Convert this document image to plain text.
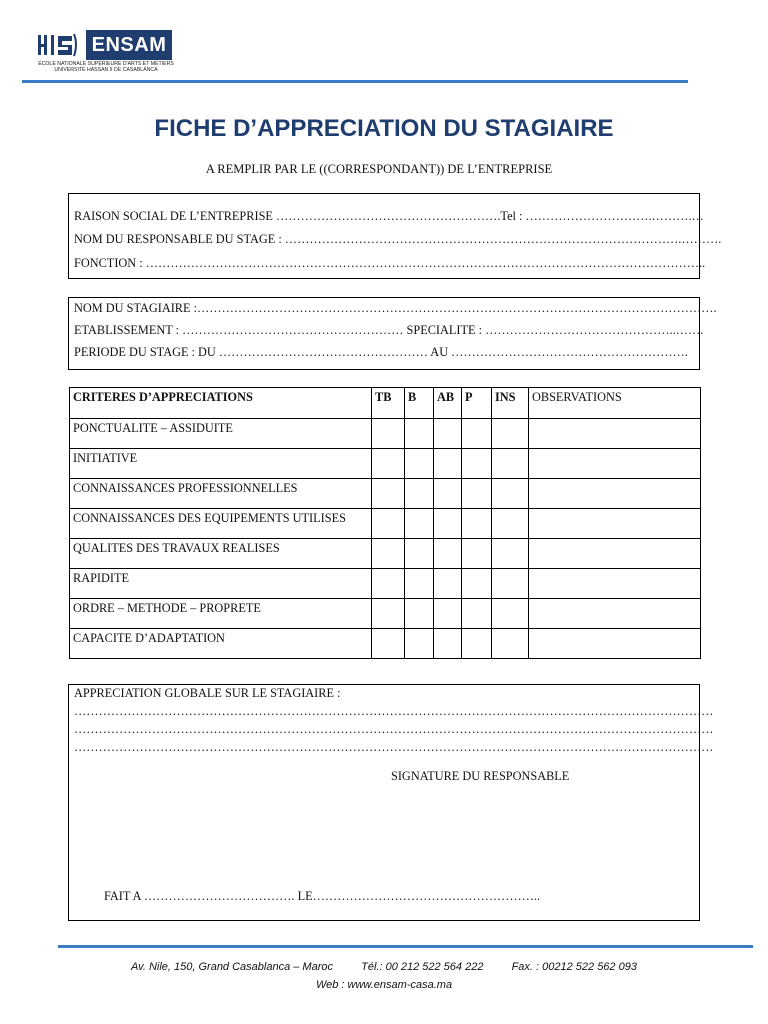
ENSAM
ÉCOLE NATIONALE SUPÉRIEURE D'ARTS ET MÉTIERS
UNIVERSITÉ HASSAN II DE CASABLANCA
FICHE D’APPRECIATION DU STAGIAIRE
A REMPLIR PAR LE ((CORRESPONDANT)) DE L’ENTREPRISE
RAISON SOCIAL DE L’ENTREPRISE ……………………………………………….Tel : ………………………….……….…
NOM DU RESPONSABLE DU STAGE : …………………………………………………………………………………….……….
FONCTION : ………………………………………………………………………………………………………………………..
NOM DU STAGIAIRE :……………………………………………………………………………………………………………….
ETABLISSEMENT : ……………………………………………… SPECIALITE : ………………………………………..…….
PERIODE DU STAGE : DU …………………………………………… AU ………………………………………………….
CRITERES D’APPRECIATIONS	TB	B	AB	P	INS	OBSERVATIONS
PONCTUALITE – ASSIDUITE						
INITIATIVE						
CONNAISSANCES PROFESSIONNELLES						
CONNAISSANCES DES EQUIPEMENTS UTILISES						
QUALITES DES TRAVAUX REALISES						
RAPIDITE						
ORDRE – METHODE – PROPRETE						
CAPACITE D’ADAPTATION						
APPRECIATION GLOBALE SUR LE STAGIAIRE :
…………………………………………………………………………………………………………………………………………
…………………………………………………………………………………………………………………………………………
…………………………………………………………………………………………………………………………………………
SIGNATURE DU RESPONSABLE
FAIT A ………………………………. LE………………………………………………..
Av. Nile, 150, Grand Casablanca – Maroc	Tél.: 00 212 522 564 222	Fax. : 00212 522 562 093
Web : www.ensam-casa.ma
